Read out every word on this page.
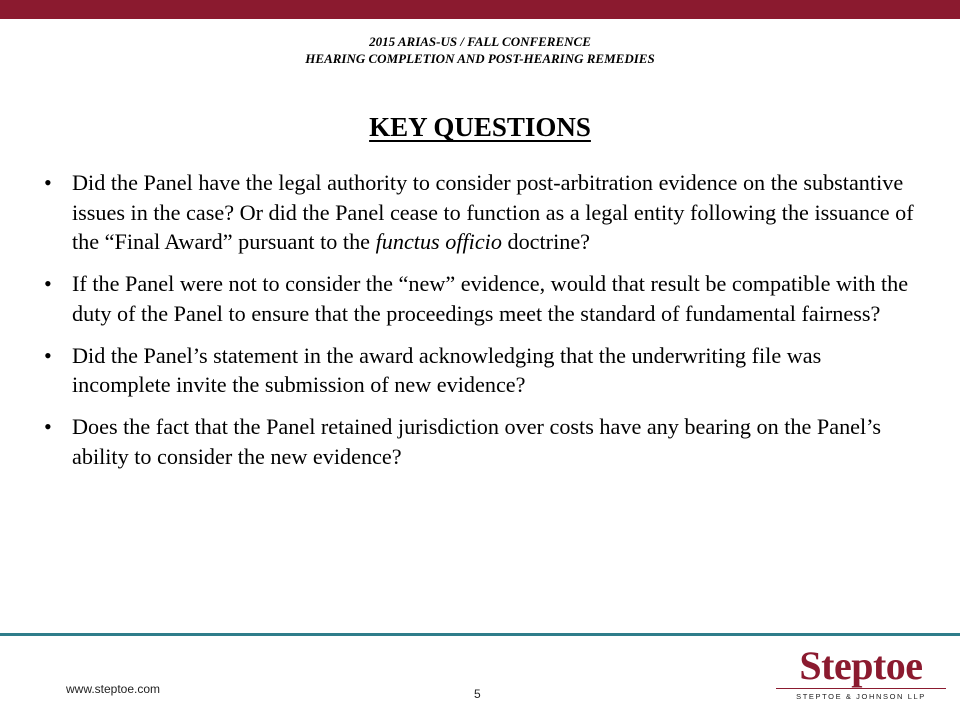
2015 ARIAS-US / FALL CONFERENCE
HEARING COMPLETION AND POST-HEARING REMEDIES
KEY QUESTIONS
• Did the Panel have the legal authority to consider post-arbitration evidence on the substantive issues in the case? Or did the Panel cease to function as a legal entity following the issuance of the “Final Award” pursuant to the functus officio doctrine?
• If the Panel were not to consider the “new” evidence, would that result be compatible with the duty of the Panel to ensure that the proceedings meet the standard of fundamental fairness?
• Did the Panel’s statement in the award acknowledging that the underwriting file was incomplete invite the submission of new evidence?
• Does the fact that the Panel retained jurisdiction over costs have any bearing on the Panel’s ability to consider the new evidence?
www.steptoe.com	5
Steptoe
STEPTOE & JOHNSON LLP
